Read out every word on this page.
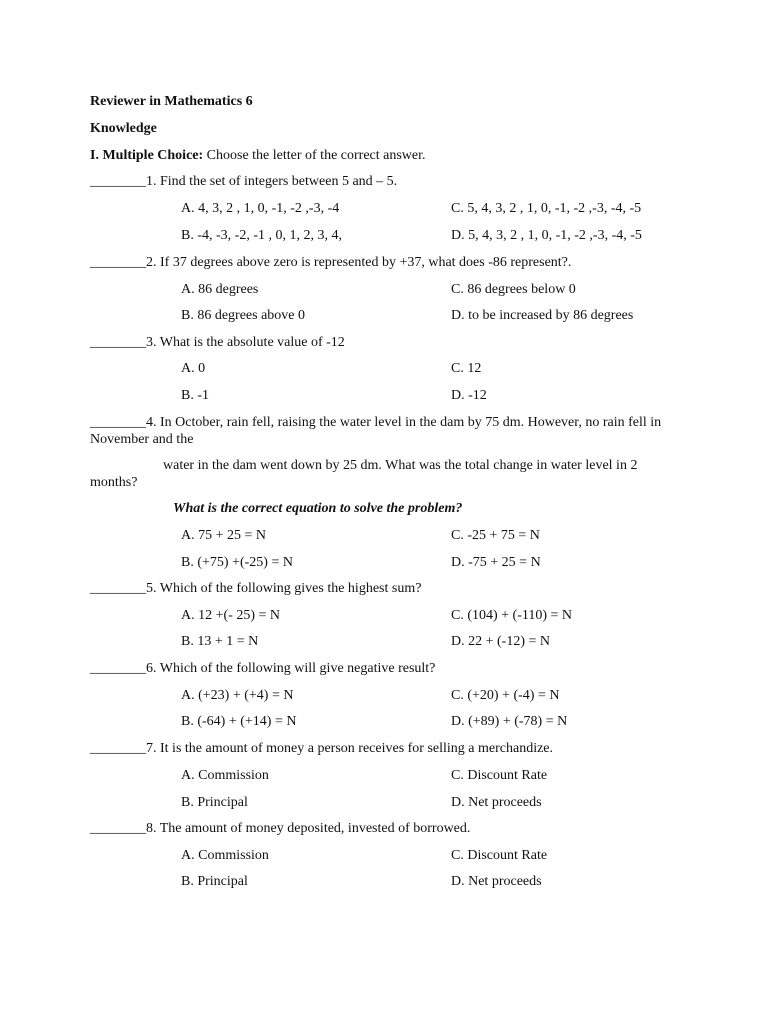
Reviewer in Mathematics 6
Knowledge
I. Multiple Choice: Choose the letter of the correct answer.
________1. Find the set of integers between 5 and – 5.
A. 4, 3, 2 , 1, 0, -1, -2 ,-3, -4	C. 5, 4, 3, 2 , 1, 0, -1, -2 ,-3, -4, -5
B. -4, -3, -2, -1 , 0, 1, 2, 3, 4,	D. 5, 4, 3, 2 , 1, 0, -1, -2 ,-3, -4, -5
________2. If 37 degrees above zero is represented by +37, what does -86 represent?.
A. 86 degrees	C. 86 degrees below 0
B. 86 degrees above 0	D. to be increased by 86 degrees
________3. What is the absolute value of -12
A. 0	C. 12
B. -1	D. -12
________4. In October, rain fell, raising the water level in the dam by 75 dm. However, no rain fell in
November and the
water in the dam went down by 25 dm. What was the total change in water level in 2
months?
What is the correct equation to solve the problem?
A. 75 + 25 = N	C. -25 + 75 = N
B. (+75) +(-25) = N	D. -75 + 25 = N
________5. Which of the following gives the highest sum?
A. 12 +(- 25) = N	C. (104) + (-110) = N
B. 13 + 1 = N	D. 22 + (-12) = N
________6. Which of the following will give negative result?
A. (+23) + (+4) = N	C. (+20) + (-4) = N
B. (-64) + (+14) = N	D. (+89) + (-78) = N
________7. It is the amount of money a person receives for selling a merchandize.
A. Commission	C. Discount Rate
B. Principal	D. Net proceeds
________8. The amount of money deposited, invested of borrowed.
A. Commission	C. Discount Rate
B. Principal	D. Net proceeds
